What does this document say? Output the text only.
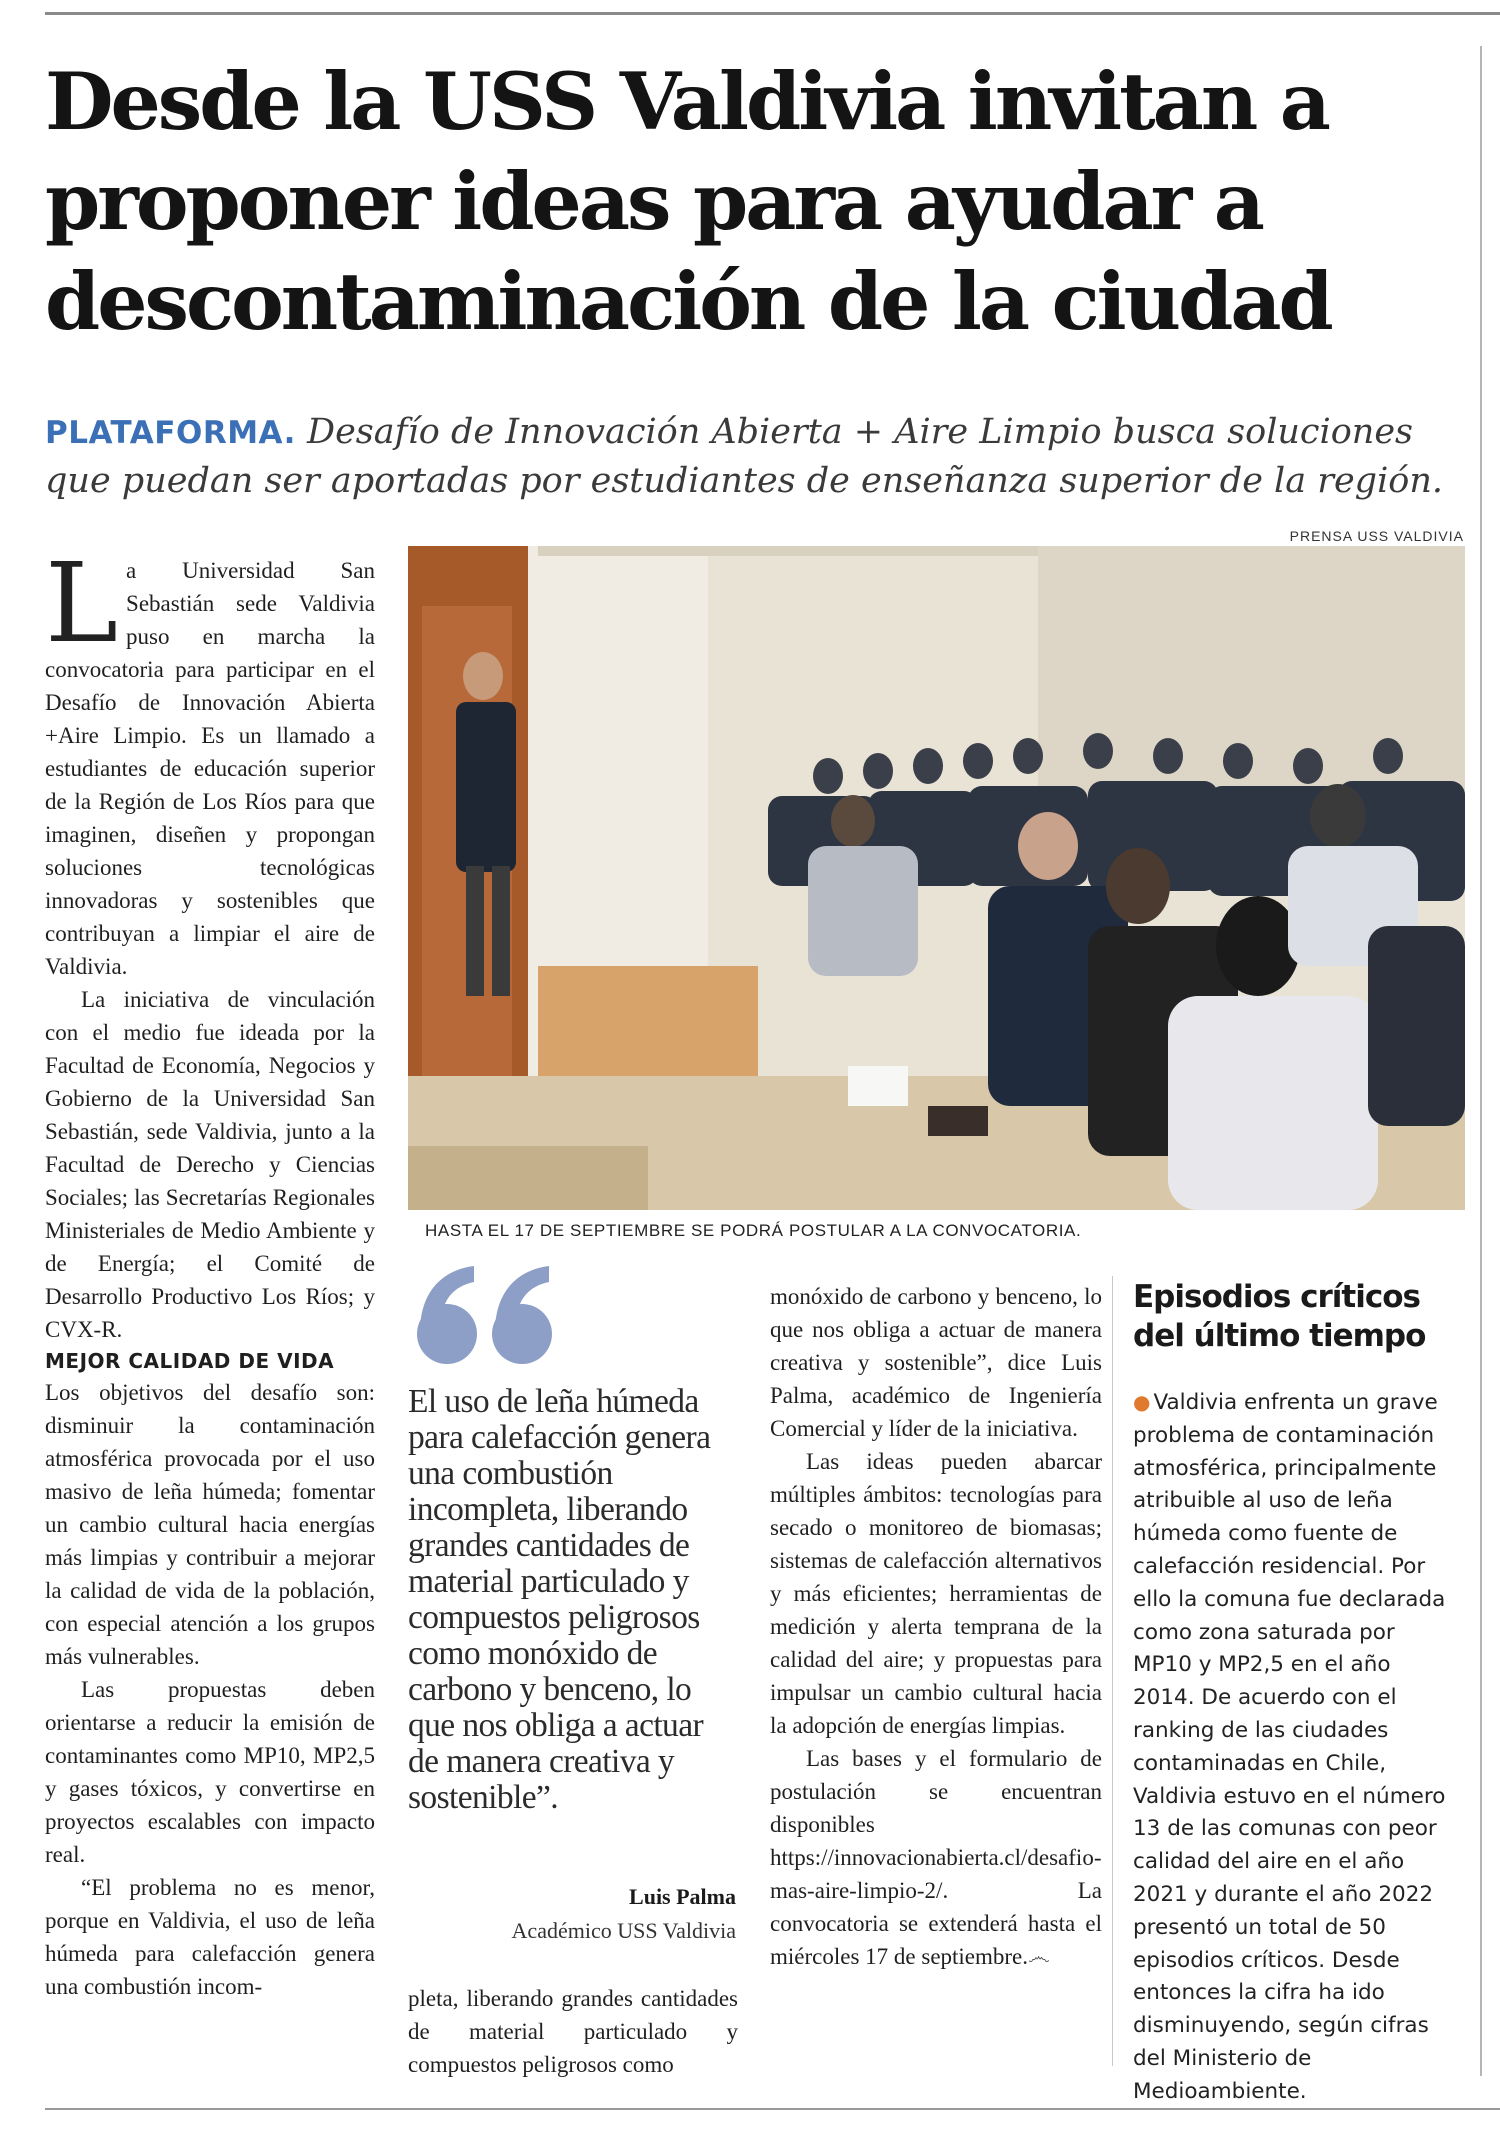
Desde la USS Valdivia invitan a proponer ideas para ayudar a descontaminación de la ciudad

PLATAFORMA. Desafío de Innovación Abierta + Aire Limpio busca soluciones que puedan ser aportadas por estudiantes de enseñanza superior de la región.

PRENSA USS VALDIVIA
HASTA EL 17 DE SEPTIEMBRE SE PODRÁ POSTULAR A LA CONVOCATORIA.

La Universidad San Sebastián sede Valdivia puso en marcha la convocatoria para participar en el Desafío de Innovación Abierta +Aire Limpio. Es un llamado a estudiantes de educación superior de la Región de Los Ríos para que imaginen, diseñen y propongan soluciones tecnológicas innovadoras y sostenibles que contribuyan a limpiar el aire de Valdivia.

La iniciativa de vinculación con el medio fue ideada por la Facultad de Economía, Negocios y Gobierno de la Universidad San Sebastián, sede Valdivia, junto a la Facultad de Derecho y Ciencias Sociales; las Secretarías Regionales Ministeriales de Medio Ambiente y de Energía; el Comité de Desarrollo Productivo Los Ríos; y CVX-R.

MEJOR CALIDAD DE VIDA

Los objetivos del desafío son: disminuir la contaminación atmosférica provocada por el uso masivo de leña húmeda; fomentar un cambio cultural hacia energías más limpias y contribuir a mejorar la calidad de vida de la población, con especial atención a los grupos más vulnerables.

Las propuestas deben orientarse a reducir la emisión de contaminantes como MP10, MP2,5 y gases tóxicos, y convertirse en proyectos escalables con impacto real.

“El problema no es menor, porque en Valdivia, el uso de leña húmeda para calefacción genera una combustión incom-

El uso de leña húmeda para calefacción genera una combustión incompleta, liberando grandes cantidades de material particulado y compuestos peligrosos como monóxido de carbono y benceno, lo que nos obliga a actuar de manera creativa y sostenible”.

Luis Palma
Académico USS Valdivia

pleta, liberando grandes cantidades de material particulado y compuestos peligrosos como

monóxido de carbono y benceno, lo que nos obliga a actuar de manera creativa y sostenible”, dice Luis Palma, académico de Ingeniería Comercial y líder de la iniciativa.

Las ideas pueden abarcar múltiples ámbitos: tecnologías para secado o monitoreo de biomasas; sistemas de calefacción alternativos y más eficientes; herramientas de medición y alerta temprana de la calidad del aire; y propuestas para impulsar un cambio cultural hacia la adopción de energías limpias.

Las bases y el formulario de postulación se encuentran disponibles https://innovacionabierta.cl/desafio-mas-aire-limpio-2/. La convocatoria se extenderá hasta el miércoles 17 de septiembre.෴

Episodios críticos del último tiempo

● Valdivia enfrenta un grave problema de contaminación atmosférica, principalmente atribuible al uso de leña húmeda como fuente de calefacción residencial. Por ello la comuna fue declarada como zona saturada por MP10 y MP2,5 en el año 2014. De acuerdo con el ranking de las ciudades contaminadas en Chile, Valdivia estuvo en el número 13 de las comunas con peor calidad del aire en el año 2021 y durante el año 2022 presentó un total de 50 episodios críticos. Desde entonces la cifra ha ido disminuyendo, según cifras del Ministerio de Medioambiente.
